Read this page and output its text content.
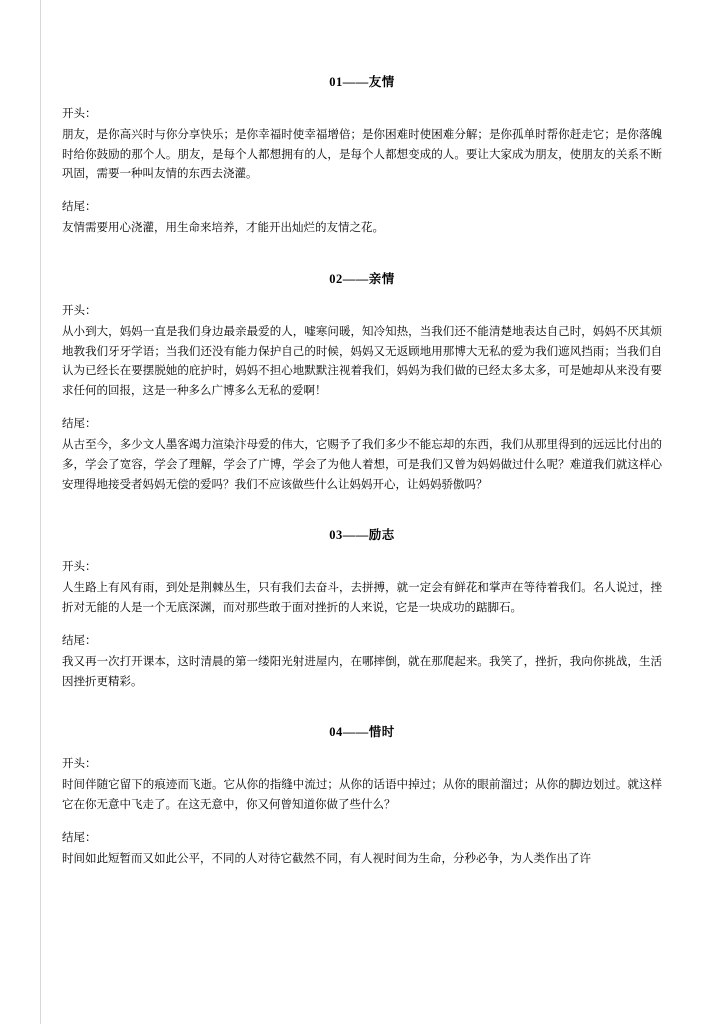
01——友情

开头：

朋友，是你高兴时与你分享快乐；是你幸福时使幸福增倍；是你困难时使困难分解；是你孤单时帮你赶走它；是你落魄时给你鼓励的那个人。朋友，是每个人都想拥有的人，是每个人都想变成的人。要让大家成为朋友，使朋友的关系不断巩固，需要一种叫友情的东西去浇灌。

结尾：

友情需要用心浇灌，用生命来培养，才能开出灿烂的友情之花。

02——亲情

开头：

从小到大，妈妈一直是我们身边最亲最爱的人，嘘寒问暖，知冷知热，当我们还不能清楚地表达自己时，妈妈不厌其烦地教我们牙牙学语；当我们还没有能力保护自己的时候，妈妈又无返顾地用那博大无私的爱为我们遮风挡雨；当我们自认为已经长在要摆脱她的庇护时，妈妈不担心地默默注视着我们，妈妈为我们做的已经太多太多，可是她却从来没有要求任何的回报，这是一种多么广博多么无私的爱啊！

结尾：

从古至今，多少文人墨客竭力渲染汴母爱的伟大，它赐予了我们多少不能忘却的东西，我们从那里得到的远远比付出的多，学会了宽容，学会了理解，学会了广博，学会了为他人着想，可是我们又曾为妈妈做过什么呢？难道我们就这样心安理得地接受者妈妈无偿的爱吗？我们不应该做些什么让妈妈开心，让妈妈骄傲吗？

03——励志

开头：

人生路上有风有雨，到处是荆棘丛生，只有我们去奋斗，去拼搏，就一定会有鲜花和掌声在等待着我们。名人说过，挫折对无能的人是一个无底深渊，而对那些敢于面对挫折的人来说，它是一块成功的踮脚石。

结尾：

我又再一次打开课本，这时清晨的第一缕阳光射进屋内，在哪摔倒，就在那爬起来。我笑了，挫折，我向你挑战，生活因挫折更精彩。

04——惜时

开头：

时间伴随它留下的痕迹而飞逝。它从你的指缝中流过；从你的话语中掉过；从你的眼前溜过；从你的脚边划过。就这样它在你无意中飞走了。在这无意中，你又何曾知道你做了些什么？

结尾：

时间如此短暂而又如此公平，不同的人对待它截然不同，有人视时间为生命，分秒必争，为人类作出了许
